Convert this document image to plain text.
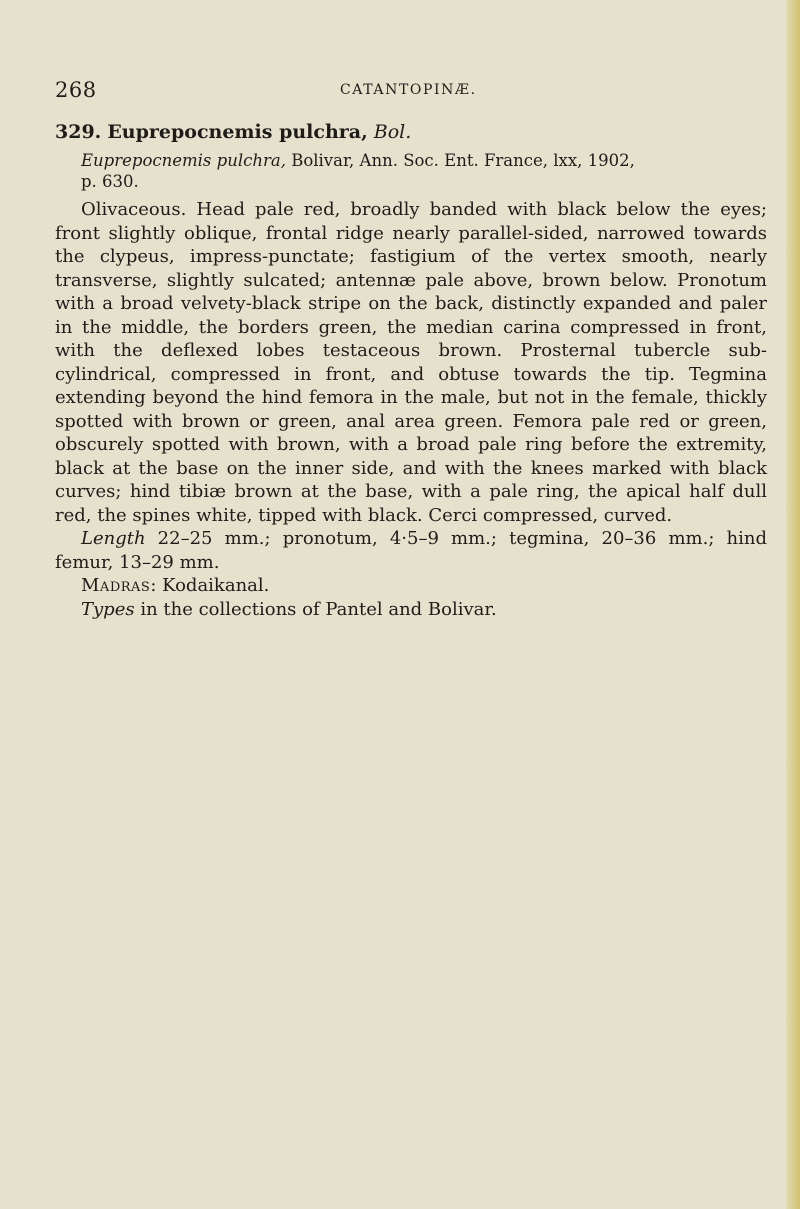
268	CATANTOPINÆ.

329. Euprepocnemis pulchra, Bol.

Euprepocnemis pulchra, Bolivar, Ann. Soc. Ent. France, lxx, 1902,
p. 630.

Olivaceous. Head pale red, broadly banded with black below the eyes; front slightly oblique, frontal ridge nearly parallel-sided, narrowed towards the clypeus, impress-punctate; fastigium of the vertex smooth, nearly transverse, slightly sulcated; antennæ pale above, brown below. Pronotum with a broad velvety-black stripe on the back, distinctly expanded and paler in the middle, the borders green, the median carina compressed in front, with the deflexed lobes testaceous brown. Prosternal tubercle sub-cylindrical, compressed in front, and obtuse towards the tip. Tegmina extending beyond the hind femora in the male, but not in the female, thickly spotted with brown or green, anal area green. Femora pale red or green, obscurely spotted with brown, with a broad pale ring before the extremity, black at the base on the inner side, and with the knees marked with black curves; hind tibiæ brown at the base, with a pale ring, the apical half dull red, the spines white, tipped with black. Cerci compressed, curved.

Length 22–25 mm.; pronotum, 4·5–9 mm.; tegmina, 20–36 mm.; hind femur, 13–29 mm.

Madras: Kodaikanal.

Types in the collections of Pantel and Bolivar.
